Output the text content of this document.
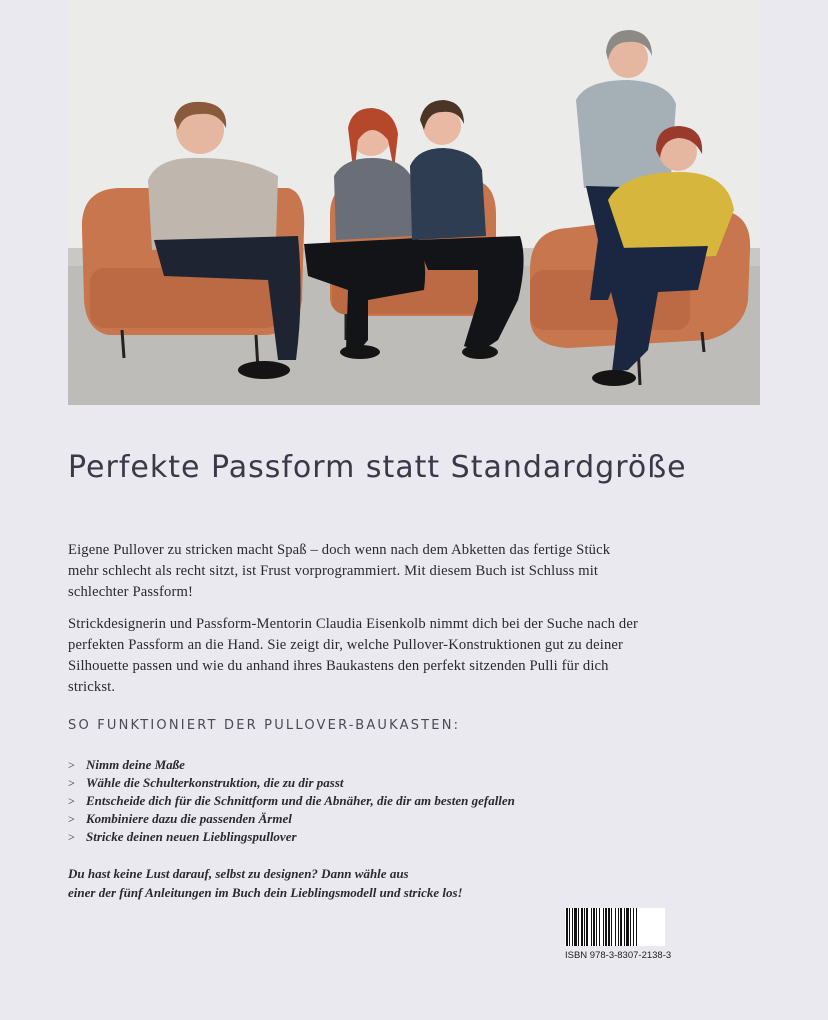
Perfekte Passform statt Standardgröße
Eigene Pullover zu stricken macht Spaß – doch wenn nach dem Abketten das fertige Stück mehr schlecht als recht sitzt, ist Frust vorprogrammiert. Mit diesem Buch ist Schluss mit schlechter Passform!
Strickdesignerin und Passform-Mentorin Claudia Eisenkolb nimmt dich bei der Suche nach der perfekten Passform an die Hand. Sie zeigt dir, welche Pullover-Konstruktionen gut zu deiner Silhouette passen und wie du anhand ihres Baukastens den perfekt sitzenden Pulli für dich strickst.
SO FUNKTIONIERT DER PULLOVER-BAUKASTEN:
> Nimm deine Maße
> Wähle die Schulterkonstruktion, die zu dir passt
> Entscheide dich für die Schnittform und die Abnäher, die dir am besten gefallen
> Kombiniere dazu die passenden Ärmel
> Stricke deinen neuen Lieblingspullover
Du hast keine Lust darauf, selbst zu designen? Dann wähle aus
einer der fünf Anleitungen im Buch dein Lieblingsmodell und stricke los!
ISBN 978-3-8307-2138-3
